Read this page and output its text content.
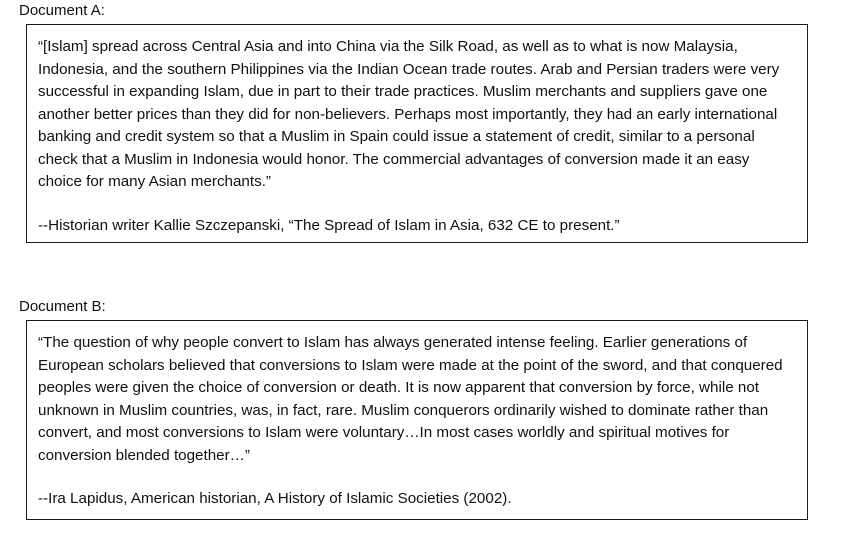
Document A:

“[Islam] spread across Central Asia and into China via the Silk Road, as well as to what is now Malaysia, Indonesia, and the southern Philippines via the Indian Ocean trade routes. Arab and Persian traders were very successful in expanding Islam, due in part to their trade practices. Muslim merchants and suppliers gave one another better prices than they did for non-believers. Perhaps most importantly, they had an early international banking and credit system so that a Muslim in Spain could issue a statement of credit, similar to a personal check that a Muslim in Indonesia would honor. The commercial advantages of conversion made it an easy choice for many Asian merchants.”

--Historian writer Kallie Szczepanski, “The Spread of Islam in Asia, 632 CE to present.”

Document B:

“The question of why people convert to Islam has always generated intense feeling. Earlier generations of European scholars believed that conversions to Islam were made at the point of the sword, and that conquered peoples were given the choice of conversion or death. It is now apparent that conversion by force, while not unknown in Muslim countries, was, in fact, rare. Muslim conquerors ordinarily wished to dominate rather than convert, and most conversions to Islam were voluntary…In most cases worldly and spiritual motives for conversion blended together…”

--Ira Lapidus, American historian, A History of Islamic Societies (2002).
